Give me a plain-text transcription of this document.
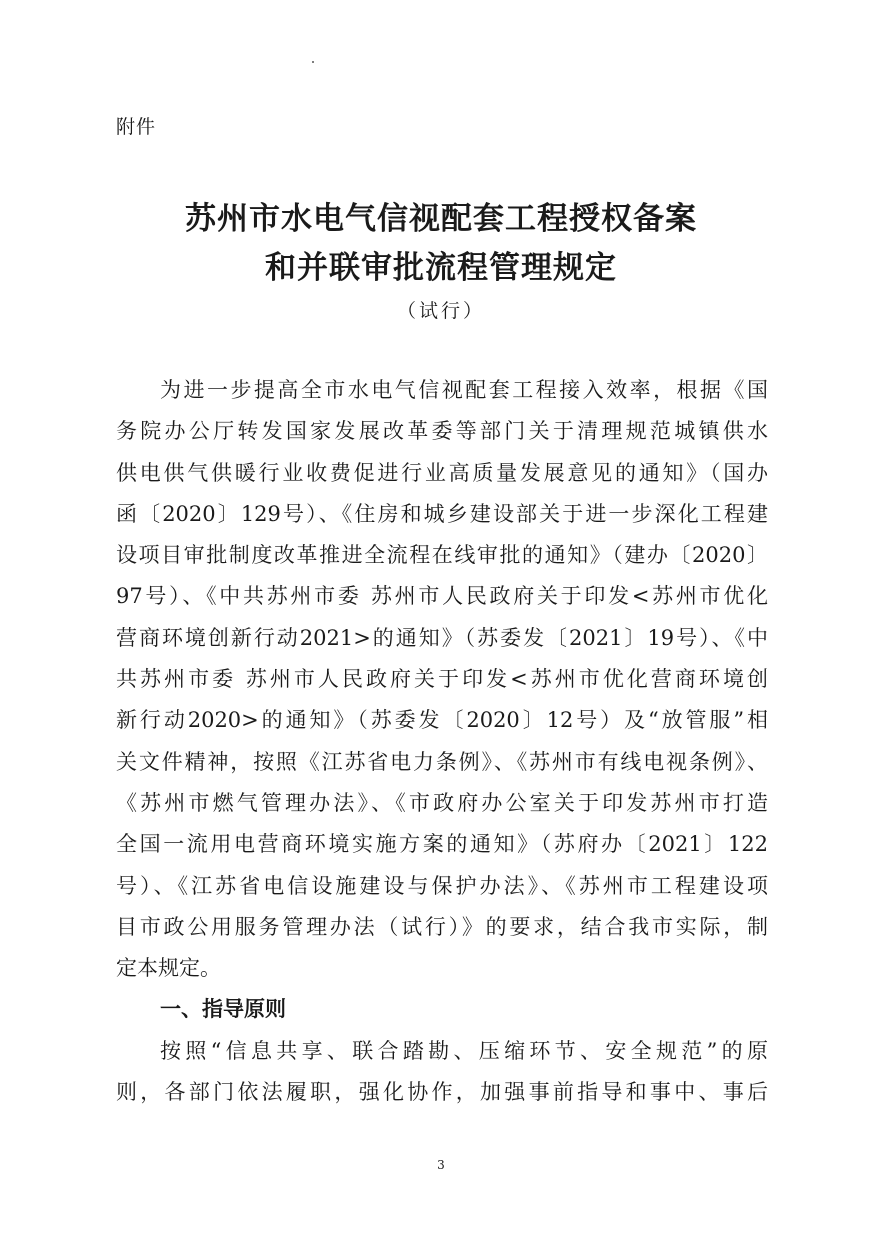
附件
苏州市水电气信视配套工程授权备案
和并联审批流程管理规定
（试行）
为进一步提高全市水电气信视配套工程接入效率，根据《国
务院办公厅转发国家发展改革委等部门关于清理规范城镇供水
供电供气供暖行业收费促进行业高质量发展意见的通知》（国办
函〔2020〕129号）、《住房和城乡建设部关于进一步深化工程建
设项目审批制度改革推进全流程在线审批的通知》（建办〔2020〕
97号）、《中共苏州市委 苏州市人民政府关于印发<苏州市优化
营商环境创新行动2021>的通知》（苏委发〔2021〕19号）、《中
共苏州市委 苏州市人民政府关于印发<苏州市优化营商环境创
新行动2020>的通知》（苏委发〔2020〕12号）及“放管服”相
关文件精神，按照《江苏省电力条例》、《苏州市有线电视条例》、
《苏州市燃气管理办法》、《市政府办公室关于印发苏州市打造
全国一流用电营商环境实施方案的通知》（苏府办〔2021〕122
号）、《江苏省电信设施建设与保护办法》、《苏州市工程建设项
目市政公用服务管理办法（试行）》的要求，结合我市实际，制
定本规定。
一、指导原则
按照“信息共享、联合踏勘、压缩环节、安全规范”的原
则，各部门依法履职，强化协作，加强事前指导和事中、事后
3
